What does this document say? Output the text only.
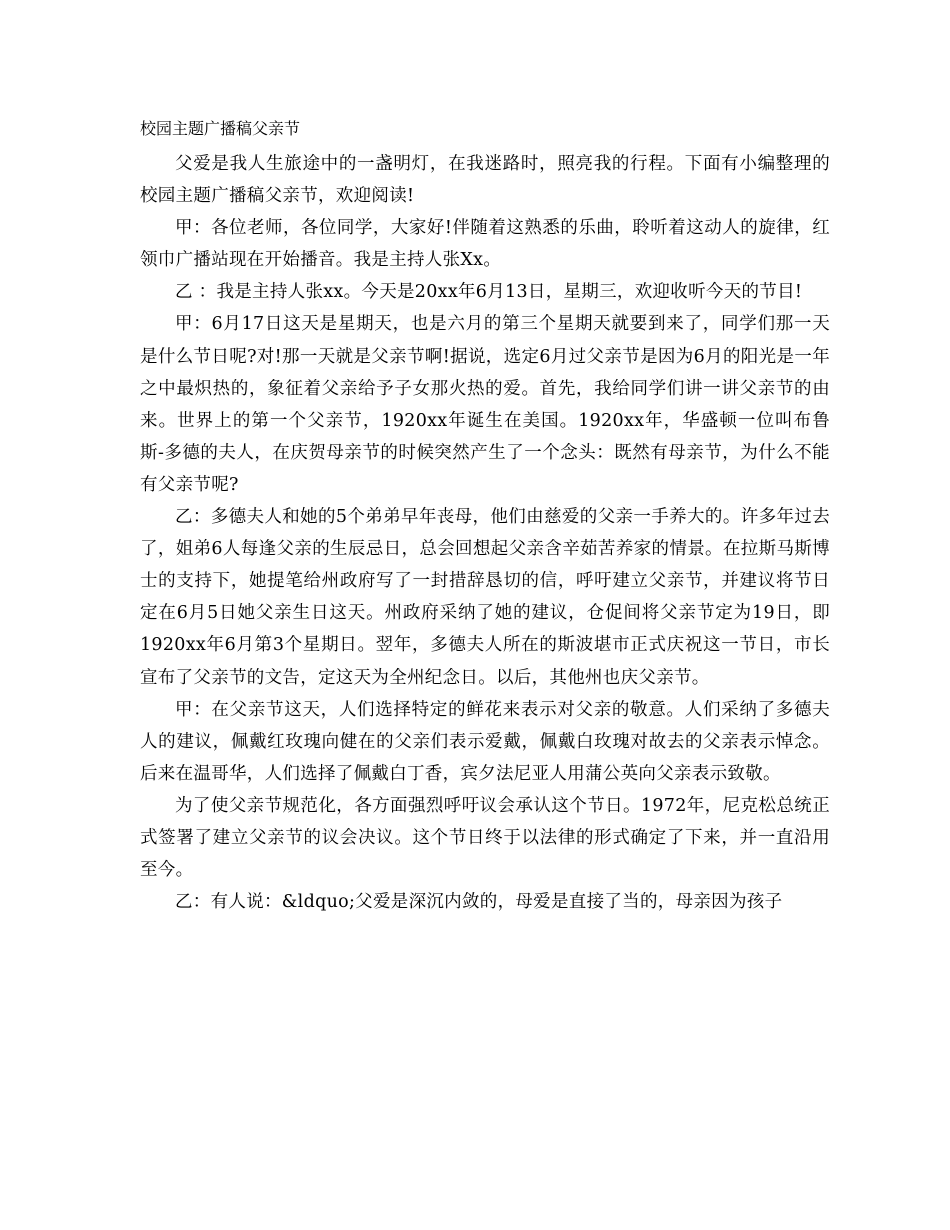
校园主题广播稿父亲节

父爱是我人生旅途中的一盏明灯，在我迷路时，照亮我的行程。下面有小编整理的校园主题广播稿父亲节，欢迎阅读!

甲：各位老师，各位同学，大家好!伴随着这熟悉的乐曲，聆听着这动人的旋律，红领巾广播站现在开始播音。我是主持人张Xx。

乙 ：我是主持人张xx。今天是20xx年6月13日，星期三，欢迎收听今天的节目!

甲：6月17日这天是星期天，也是六月的第三个星期天就要到来了，同学们那一天是什么节日呢?对!那一天就是父亲节啊!据说，选定6月过父亲节是因为6月的阳光是一年之中最炽热的，象征着父亲给予子女那火热的爱。首先，我给同学们讲一讲父亲节的由来。世界上的第一个父亲节，1920xx年诞生在美国。1920xx年，华盛顿一位叫布鲁斯-多德的夫人，在庆贺母亲节的时候突然产生了一个念头：既然有母亲节，为什么不能有父亲节呢?

乙：多德夫人和她的5个弟弟早年丧母，他们由慈爱的父亲一手养大的。许多年过去了，姐弟6人每逢父亲的生辰忌日，总会回想起父亲含辛茹苦养家的情景。在拉斯马斯博士的支持下，她提笔给州政府写了一封措辞恳切的信，呼吁建立父亲节，并建议将节日定在6月5日她父亲生日这天。州政府采纳了她的建议，仓促间将父亲节定为19日，即1920xx年6月第3个星期日。翌年，多德夫人所在的斯波堪市正式庆祝这一节日，市长宣布了父亲节的文告，定这天为全州纪念日。以后，其他州也庆父亲节。

甲：在父亲节这天，人们选择特定的鲜花来表示对父亲的敬意。人们采纳了多德夫人的建议，佩戴红玫瑰向健在的父亲们表示爱戴，佩戴白玫瑰对故去的父亲表示悼念。后来在温哥华，人们选择了佩戴白丁香，宾夕法尼亚人用蒲公英向父亲表示致敬。

为了使父亲节规范化，各方面强烈呼吁议会承认这个节日。1972年，尼克松总统正式签署了建立父亲节的议会决议。这个节日终于以法律的形式确定了下来，并一直沿用至今。

乙：有人说：&ldquo;父爱是深沉内敛的，母爱是直接了当的，母亲因为孩子
